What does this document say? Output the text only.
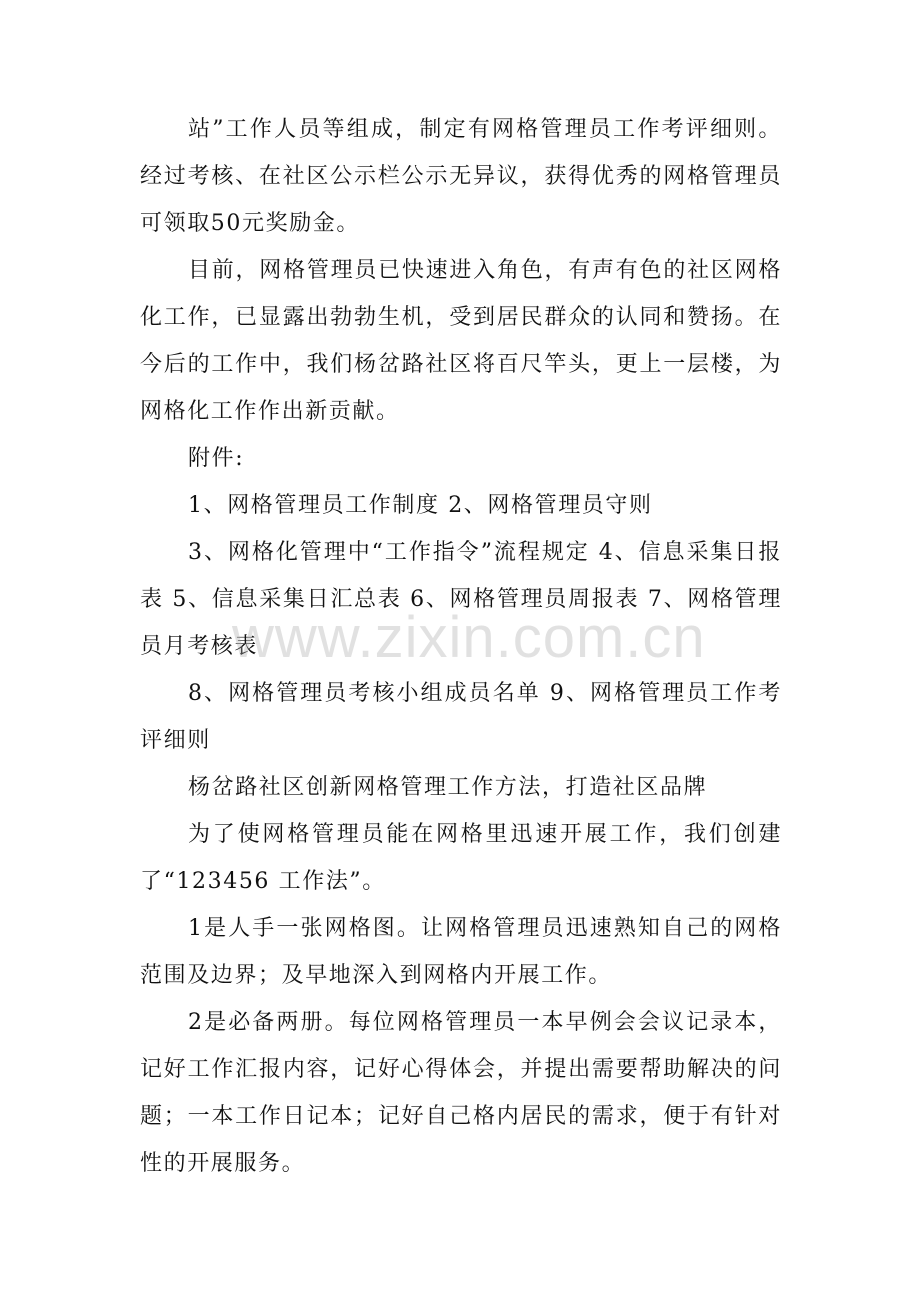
站”工作人员等组成，制定有网格管理员工作考评细则。经过考核、在社区公示栏公示无异议，获得优秀的网格管理员可领取50元奖励金。

目前，网格管理员已快速进入角色，有声有色的社区网格化工作，已显露出勃勃生机，受到居民群众的认同和赞扬。在今后的工作中，我们杨岔路社区将百尺竿头，更上一层楼，为网格化工作作出新贡献。

附件:

1、网格管理员工作制度 2、网格管理员守则

3、网格化管理中“工作指令”流程规定 4、信息采集日报表 5、信息采集日汇总表 6、网格管理员周报表 7、网格管理员月考核表

8、网格管理员考核小组成员名单 9、网格管理员工作考评细则

杨岔路社区创新网格管理工作方法，打造社区品牌

为了使网格管理员能在网格里迅速开展工作，我们创建了“123456 工作法”。

1是人手一张网格图。让网格管理员迅速熟知自己的网格范围及边界；及早地深入到网格内开展工作。

2是必备两册。每位网格管理员一本早例会会议记录本，记好工作汇报内容，记好心得体会，并提出需要帮助解决的问题；一本工作日记本；记好自己格内居民的需求，便于有针对性的开展服务。

www.zixin.com.cn
